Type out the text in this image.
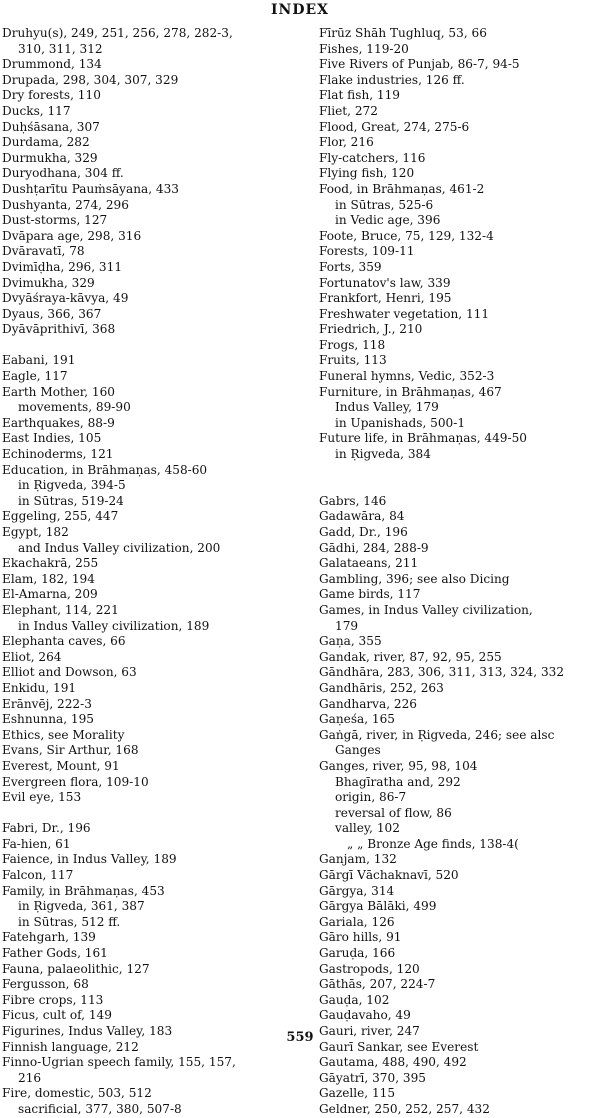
INDEX
Druhyu(s), 249, 251, 256, 278, 282-3,
310, 311, 312
Drummond, 134
Drupada, 298, 304, 307, 329
Dry forests, 110
Ducks, 117
Duḥśāsana, 307
Durdama, 282
Durmukha, 329
Duryodhana, 304 ff.
Dushṭarītu Pauṁsāyana, 433
Dushyanta, 274, 296
Dust-storms, 127
Dvāpara age, 298, 316
Dvāravatī, 78
Dvimīḍha, 296, 311
Dvimukha, 329
Dvyāśraya-kāvya, 49
Dyaus, 366, 367
Dyāvāprithivī, 368
Eabani, 191
Eagle, 117
Earth Mother, 160
movements, 89-90
Earthquakes, 88-9
East Indies, 105
Echinoderms, 121
Education, in Brāhmaṇas, 458-60
in Ṛigveda, 394-5
in Sūtras, 519-24
Eggeling, 255, 447
Egypt, 182
and Indus Valley civilization, 200
Ekachakrā, 255
Elam, 182, 194
El-Amarna, 209
Elephant, 114, 221
in Indus Valley civilization, 189
Elephanta caves, 66
Eliot, 264
Elliot and Dowson, 63
Enkidu, 191
Erānvēj, 222-3
Eshnunna, 195
Ethics, see Morality
Evans, Sir Arthur, 168
Everest, Mount, 91
Evergreen flora, 109-10
Evil eye, 153
Fabri, Dr., 196
Fa-hien, 61
Faience, in Indus Valley, 189
Falcon, 117
Family, in Brāhmaṇas, 453
in Ṛigveda, 361, 387
in Sūtras, 512 ff.
Fatehgarh, 139
Father Gods, 161
Fauna, palaeolithic, 127
Fergusson, 68
Fibre crops, 113
Ficus, cult of, 149
Figurines, Indus Valley, 183
Finnish language, 212
Finno-Ugrian speech family, 155, 157,
216
Fire, domestic, 503, 512
sacrificial, 377, 380, 507-8
Fīrūz Shāh Tughluq, 53, 66
Fishes, 119-20
Five Rivers of Punjab, 86-7, 94-5
Flake industries, 126 ff.
Flat fish, 119
Fliet, 272
Flood, Great, 274, 275-6
Flor, 216
Fly-catchers, 116
Flying fish, 120
Food, in Brāhmaṇas, 461-2
in Sūtras, 525-6
in Vedic age, 396
Foote, Bruce, 75, 129, 132-4
Forests, 109-11
Forts, 359
Fortunatov's law, 339
Frankfort, Henri, 195
Freshwater vegetation, 111
Friedrich, J., 210
Frogs, 118
Fruits, 113
Funeral hymns, Vedic, 352-3
Furniture, in Brāhmaṇas, 467
Indus Valley, 179
in Upanishads, 500-1
Future life, in Brāhmaṇas, 449-50
in Ṛigveda, 384
Gabrs, 146
Gadawāra, 84
Gadd, Dr., 196
Gādhi, 284, 288-9
Galataeans, 211
Gambling, 396; see also Dicing
Game birds, 117
Games, in Indus Valley civilization,
179
Gaṇa, 355
Gandak, river, 87, 92, 95, 255
Gāndhāra, 283, 306, 311, 313, 324, 332
Gandhāris, 252, 263
Gandharva, 226
Gaṇeśa, 165
Gaṅgā, river, in Ṛigveda, 246; see alsc
Ganges
Ganges, river, 95, 98, 104
Bhagīratha and, 292
origin, 86-7
reversal of flow, 86
valley, 102
„ „ Bronze Age finds, 138-4(
Ganjam, 132
Gārgī Vāchaknavī, 520
Gārgya, 314
Gārgya Bālāki, 499
Gariala, 126
Gāro hills, 91
Garuḍa, 166
Gastropods, 120
Gāthās, 207, 224-7
Gauḍa, 102
Gauḍavaho, 49
Gauri, river, 247
Gaurī Sankar, see Everest
Gautama, 488, 490, 492
Gāyatrī, 370, 395
Gazelle, 115
Geldner, 250, 252, 257, 432
559
